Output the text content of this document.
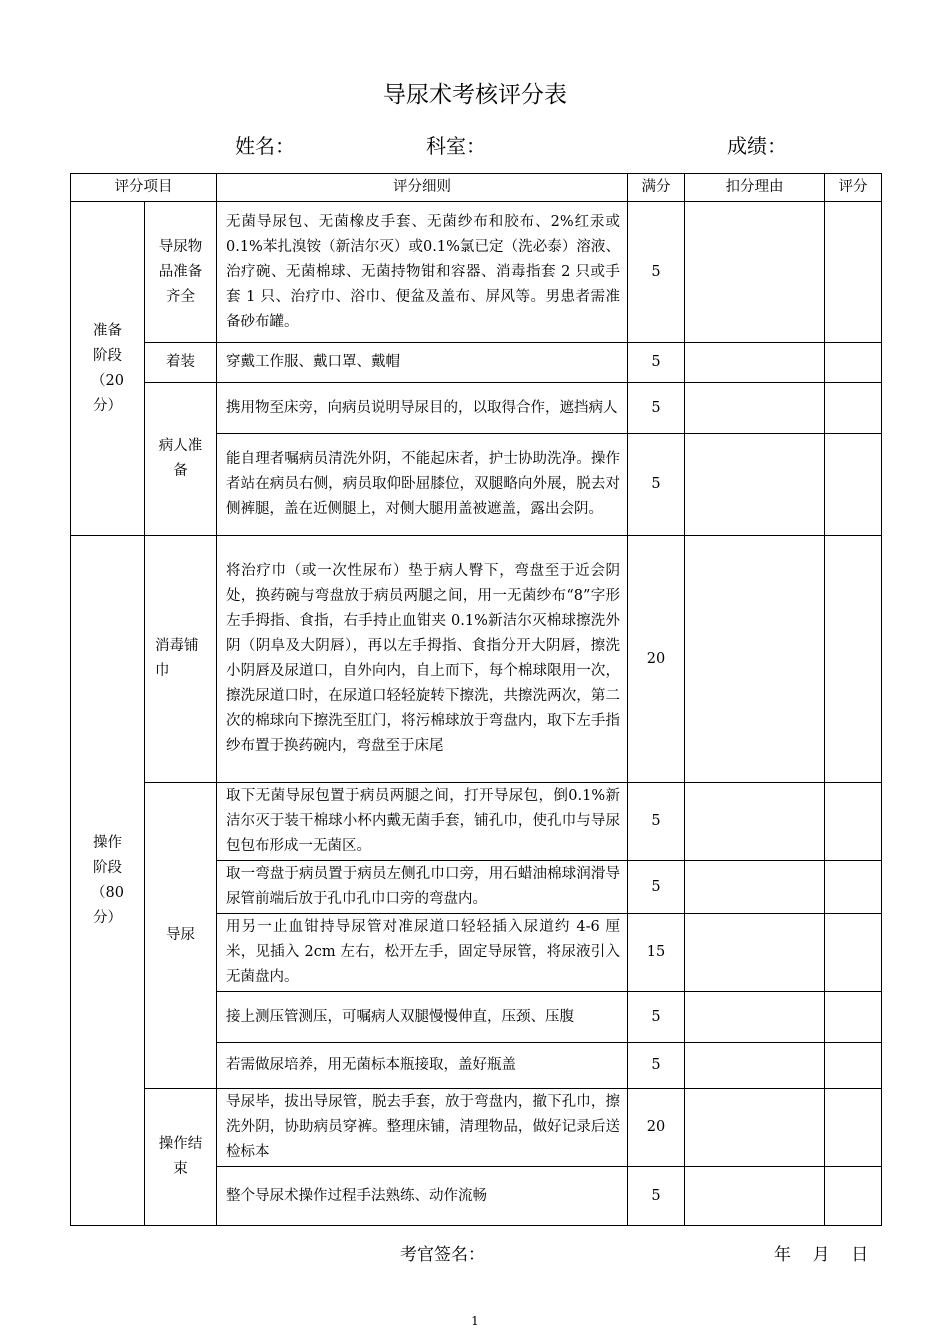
导尿术考核评分表
姓名：	科室：	成绩：
评分项目		评分细则	满分	扣分理由	评分
准备阶段（20分）	导尿物品准备齐全	无菌导尿包、无菌橡皮手套、无菌纱布和胶布、2%红汞或0.1%苯扎溴铵（新洁尔灭）或0.1%氯已定（洗必泰）溶液、治疗碗、无菌棉球、无菌持物钳和容器、消毒指套 2 只或手套 1 只、治疗巾、浴巾、便盆及盖布、屏风等。男患者需准备砂布罐。	5		
	着装	穿戴工作服、戴口罩、戴帽	5		
	病人准备	携用物至床旁，向病员说明导尿目的，以取得合作，遮挡病人	5		
		能自理者嘱病员清洗外阴，不能起床者，护士协助洗净。操作者站在病员右侧，病员取仰卧屈膝位，双腿略向外展，脱去对侧裤腿，盖在近侧腿上，对侧大腿用盖被遮盖，露出会阴。	5		
操作阶段（80分）	消毒铺巾	将治疗巾（或一次性尿布）垫于病人臀下，弯盘至于近会阴处，换药碗与弯盘放于病员两腿之间，用一无菌纱布“8”字形左手拇指、食指，右手持止血钳夹 0.1%新洁尔灭棉球擦洗外阴（阴阜及大阴唇），再以左手拇指、食指分开大阴唇，擦洗小阴唇及尿道口，自外向内，自上而下，每个棉球限用一次，擦洗尿道口时，在尿道口轻轻旋转下擦洗，共擦洗两次，第二次的棉球向下擦洗至肛门，将污棉球放于弯盘内，取下左手指纱布置于换药碗内，弯盘至于床尾	20		
	导尿	取下无菌导尿包置于病员两腿之间，打开导尿包，倒0.1%新洁尔灭于装干棉球小杯内戴无菌手套，铺孔巾，使孔巾与导尿包包布形成一无菌区。	5		
		取一弯盘于病员置于病员左侧孔巾口旁，用石蜡油棉球润滑导尿管前端后放于孔巾孔巾口旁的弯盘内。	5		
		用另一止血钳持导尿管对准尿道口轻轻插入尿道约 4-6 厘米，见插入 2cm 左右，松开左手，固定导尿管，将尿液引入无菌盘内。	15		
		接上测压管测压，可嘱病人双腿慢慢伸直，压颈、压腹	5		
		若需做尿培养，用无菌标本瓶接取，盖好瓶盖	5		
	操作结束	导尿毕，拔出导尿管，脱去手套，放于弯盘内，撤下孔巾，擦洗外阴，协助病员穿裤。整理床铺，清理物品，做好记录后送检标本	20		
		整个导尿术操作过程手法熟练、动作流畅	5		
考官签名：	年    月    日
1
